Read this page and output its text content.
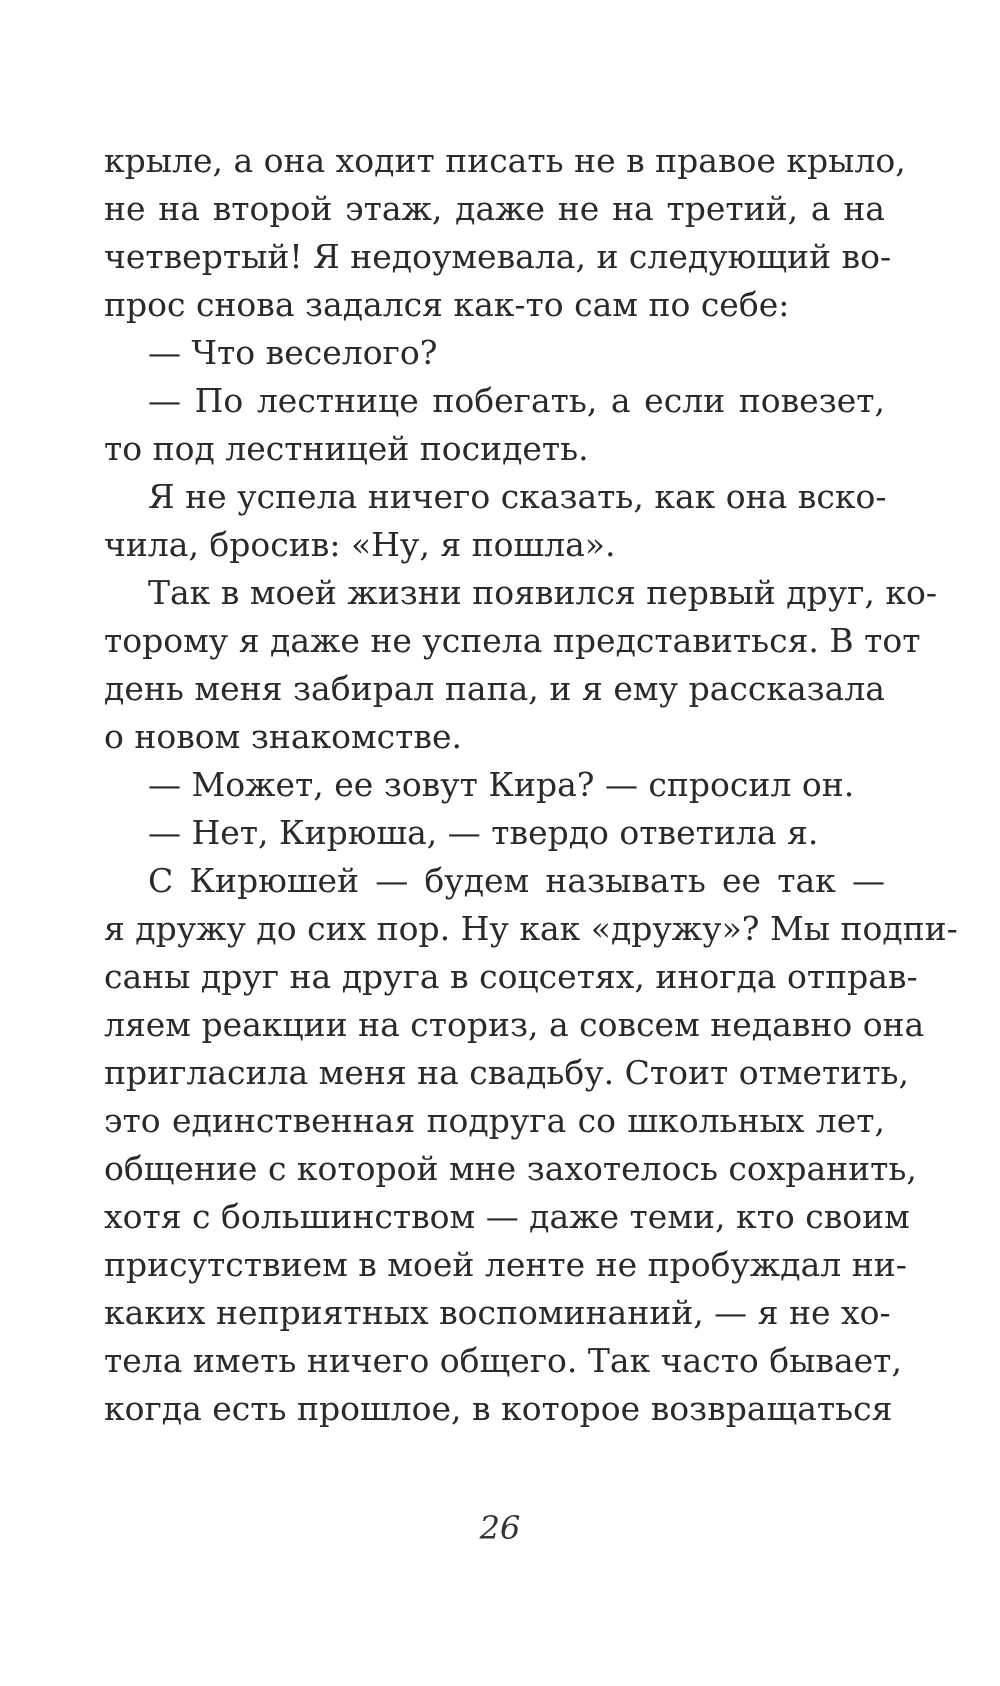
крыле, а она ходит писать не в правое крыло,
не на второй этаж, даже не на третий, а на
четвертый! Я недоумевала, и следующий во-
прос снова задался как-то сам по себе:
— Что веселого?
— По лестнице побегать, а если повезет,
то под лестницей посидеть.
Я не успела ничего сказать, как она вско-
чила, бросив: «Ну, я пошла».
Так в моей жизни появился первый друг, ко-
торому я даже не успела представиться. В тот
день меня забирал папа, и я ему рассказала
о новом знакомстве.
— Может, ее зовут Кира? — спросил он.
— Нет, Кирюша, — твердо ответила я.
С Кирюшей — будем называть ее так —
я дружу до сих пор. Ну как «дружу»? Мы подпи-
саны друг на друга в соцсетях, иногда отправ-
ляем реакции на сториз, а совсем недавно она
пригласила меня на свадьбу. Стоит отметить,
это единственная подруга со школьных лет,
общение с которой мне захотелось сохранить,
хотя с большинством — даже теми, кто своим
присутствием в моей ленте не пробуждал ни-
каких неприятных воспоминаний, — я не хо-
тела иметь ничего общего. Так часто бывает,
когда есть прошлое, в которое возвращаться
26
